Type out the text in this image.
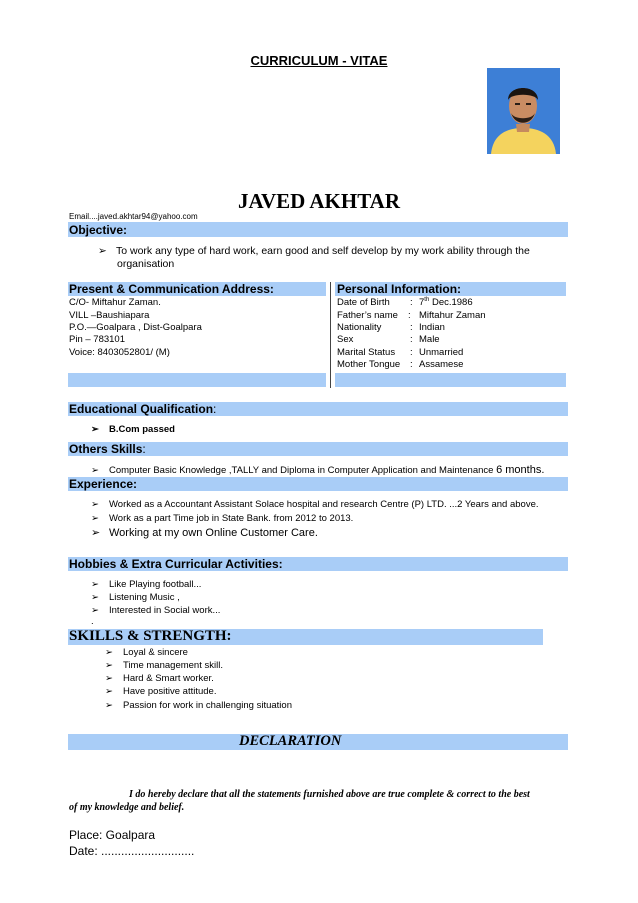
CURRICULUM - VITAE
JAVED AKHTAR
Email....javed.akhtar94@yahoo.com
Objective:
➢ To work any type of hard work, earn good and self develop by my work ability through the
organisation
Present & Communication Address:	Personal Information:
C/O- Miftahur Zaman.
VILL –Baushiapara
P.O.—Goalpara , Dist-Goalpara
Pin – 783101
Voice: 8403052801/ (M)
Date of Birth : 7th Dec.1986
Father’s name : Miftahur Zaman
Nationality	: Indian
Sex	: Male
Marital Status : Unmarried
Mother Tongue : Assamese
Educational Qualification:
➢ B.Com passed
Others Skills:
➢ Computer Basic Knowledge ,TALLY and Diploma in Computer Application and Maintenance 6 months.
Experience:
➢ Worked as a Accountant Assistant Solace hospital and research Centre (P) LTD. ...2 Years and above.
➢ Work as a part Time job in State Bank. from 2012 to 2013.
➢ Working at my own Online Customer Care.
Hobbies & Extra Curricular Activities:
➢ Like Playing football...
➢ Listening Music ,
➢ Interested in Social work...
.
SKILLS & STRENGTH:
➢ Loyal & sincere
➢ Time management skill.
➢ Hard & Smart worker.
➢ Have positive attitude.
➢ Passion for work in challenging situation
DECLARATION
I do hereby declare that all the statements furnished above are true complete & correct to the best
of my knowledge and belief.
Place: Goalpara
Date: ............................
